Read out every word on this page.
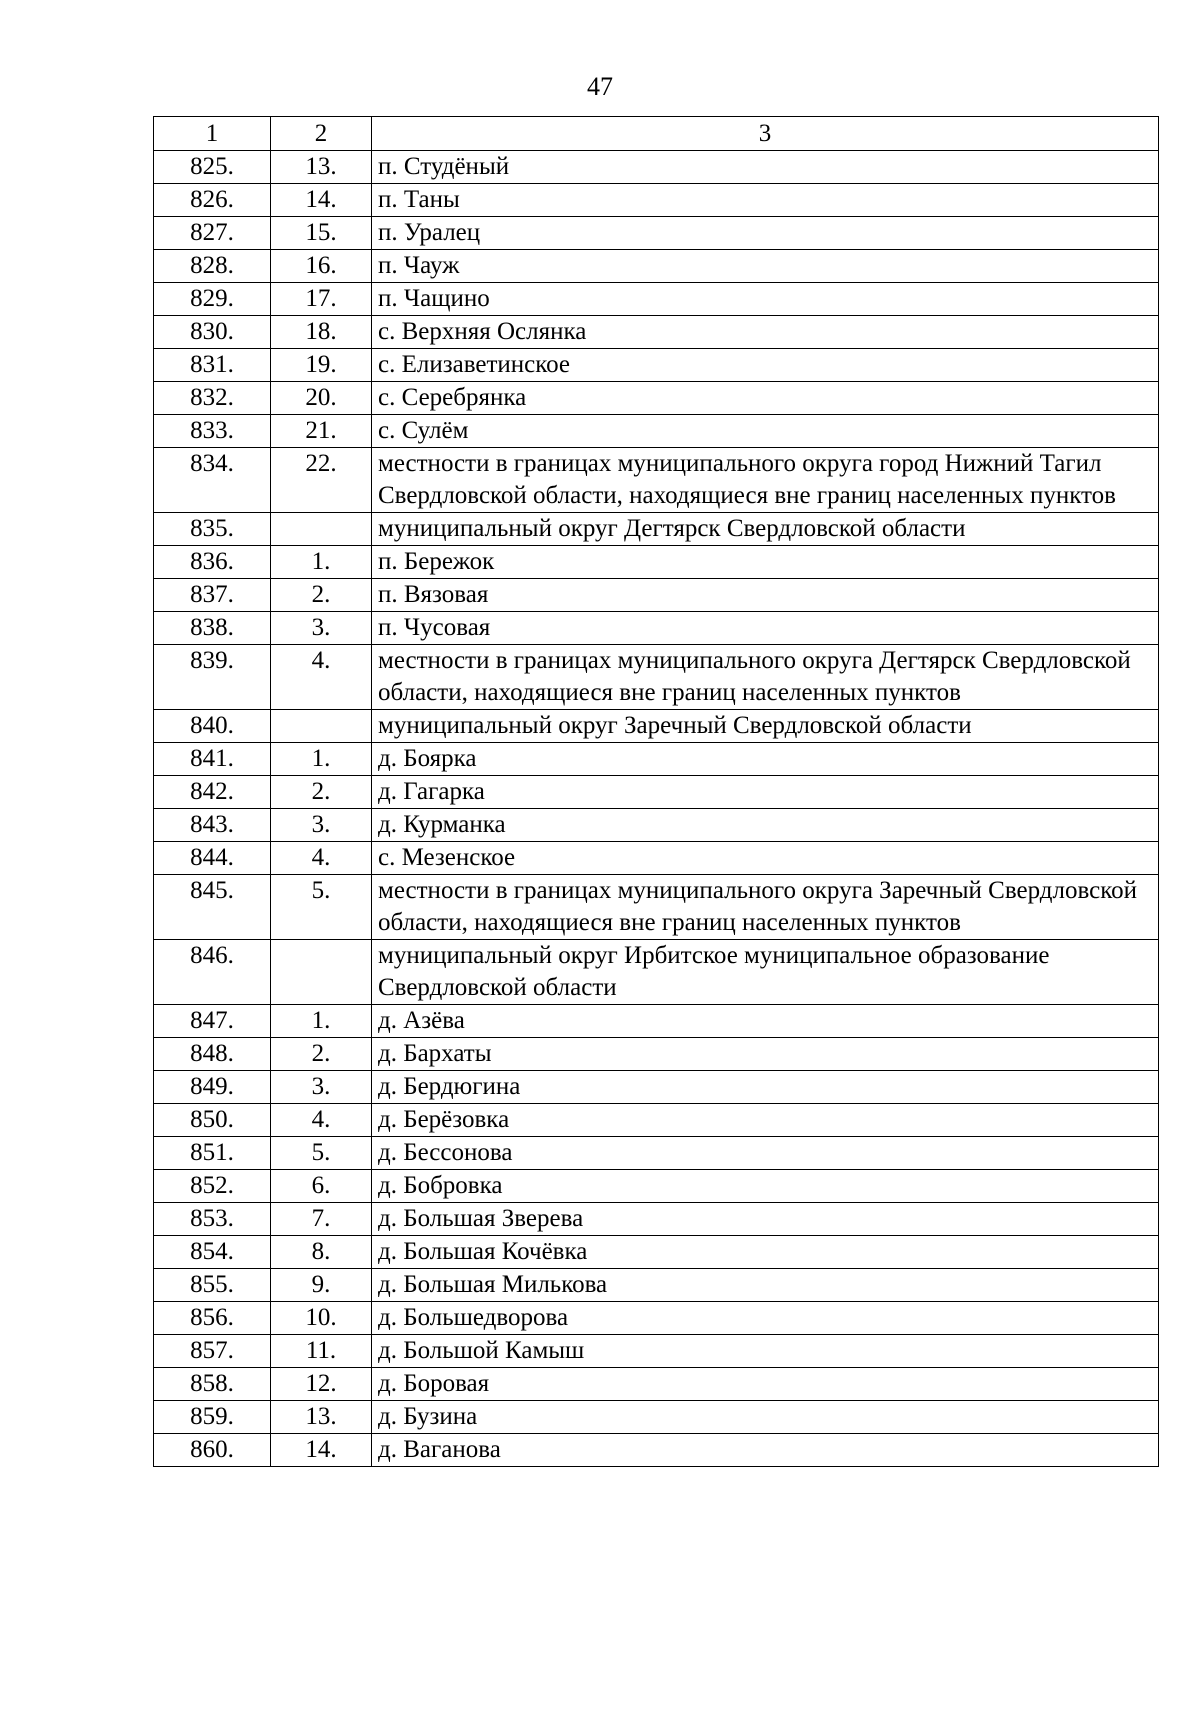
47
1	2	3
825.	13.	п. Студёный
826.	14.	п. Таны
827.	15.	п. Уралец
828.	16.	п. Чауж
829.	17.	п. Чащино
830.	18.	с. Верхняя Ослянка
831.	19.	с. Елизаветинское
832.	20.	с. Серебрянка
833.	21.	с. Сулём
834.	22.	местности в границах муниципального округа город Нижний Тагил Свердловской области, находящиеся вне границ населенных пунктов
835.		муниципальный округ Дегтярск Свердловской области
836.	1.	п. Бережок
837.	2.	п. Вязовая
838.	3.	п. Чусовая
839.	4.	местности в границах муниципального округа Дегтярск Свердловской области, находящиеся вне границ населенных пунктов
840.		муниципальный округ Заречный Свердловской области
841.	1.	д. Боярка
842.	2.	д. Гагарка
843.	3.	д. Курманка
844.	4.	с. Мезенское
845.	5.	местности в границах муниципального округа Заречный Свердловской области, находящиеся вне границ населенных пунктов
846.		муниципальный округ Ирбитское муниципальное образование Свердловской области
847.	1.	д. Азёва
848.	2.	д. Бархаты
849.	3.	д. Бердюгина
850.	4.	д. Берёзовка
851.	5.	д. Бессонова
852.	6.	д. Бобровка
853.	7.	д. Большая Зверева
854.	8.	д. Большая Кочёвка
855.	9.	д. Большая Милькова
856.	10.	д. Большедворова
857.	11.	д. Большой Камыш
858.	12.	д. Боровая
859.	13.	д. Бузина
860.	14.	д. Ваганова
